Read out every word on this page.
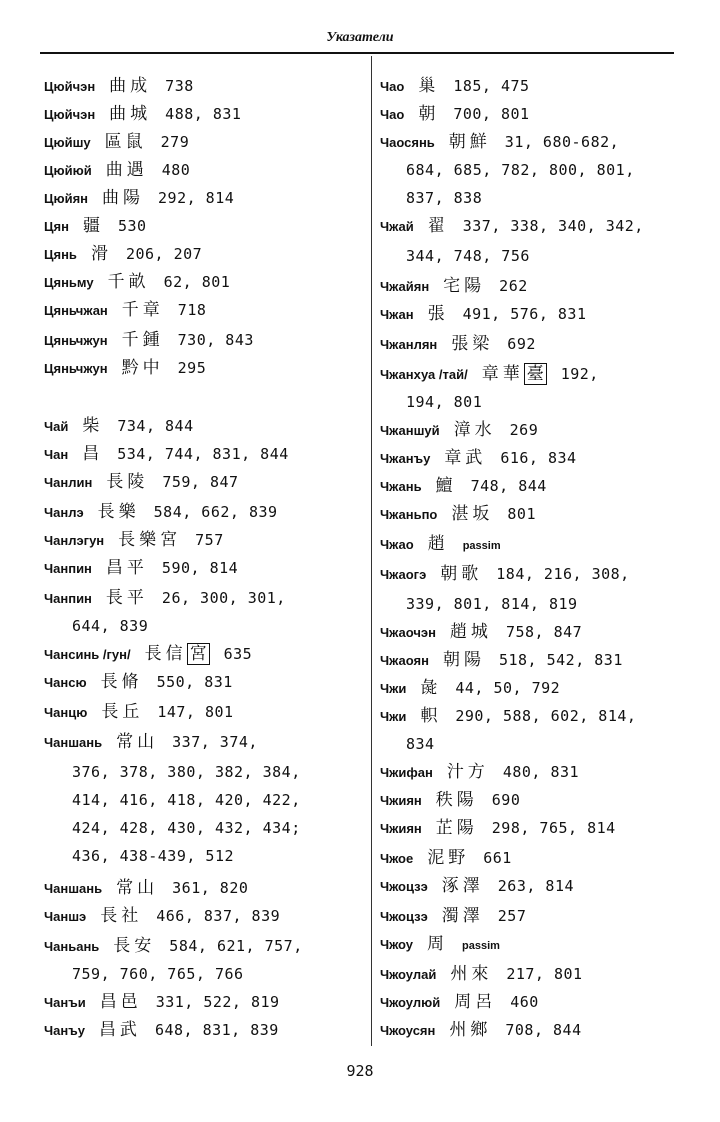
Указатели
Цюйчэн 曲成 738
Цюйчэн 曲城 488, 831
Цюйшу 區鼠 279
Цюйюй 曲遇 480
Цюйян 曲陽 292, 814
Цян 疆 530
Цянь 滑 206, 207
Цяньму 千畝 62, 801
Цяньчжан 千章 718
Цяньчжун 千鍾 730, 843
Цяньчжун 黔中 295
Чай 柴 734, 844
Чан 昌 534, 744, 831, 844
Чанлин 長陵 759, 847
Чанлэ 長樂 584, 662, 839
Чанлэгун 長樂宮 757
Чанпин 昌平 590, 814
Чанпин 長平 26, 300, 301,
644, 839
Чансинь /гун/ 長信 宮 635
Чансю 長脩 550, 831
Чанцю 長丘 147, 801
Чаншань 常山 337, 374,
376, 378, 380, 382, 384,
414, 416, 418, 420, 422,
424, 428, 430, 432, 434;
436, 438-439, 512
Чаншань 常山 361, 820
Чаншэ 長社 466, 837, 839
Чаньань 長安 584, 621, 757,
759, 760, 765, 766
Чанъи 昌邑 331, 522, 819
Чанъу 昌武 648, 831, 839
Чао 巢 185, 475
Чао 朝 700, 801
Чаосянь 朝鮮 31, 680-682,
684, 685, 782, 800, 801,
837, 838
Чжай 翟 337, 338, 340, 342,
344, 748, 756
Чжайян 宅陽 262
Чжан 張 491, 576, 831
Чжанлян 張梁 692
Чжанхуа /тай/ 章華 臺 192,
194, 801
Чжаншуй 漳水 269
Чжанъу 章武 616, 834
Чжань 鱣 748, 844
Чжаньпо 湛坂 801
Чжао 趙 passim
Чжаогэ 朝歌 184, 216, 308,
339, 801, 814, 819
Чжаочэн 趙城 758, 847
Чжаоян 朝陽 518, 542, 831
Чжи 彘 44, 50, 792
Чжи 軹 290, 588, 602, 814,
834
Чжифан 汁方 480, 831
Чжиян 秩陽 690
Чжиян 芷陽 298, 765, 814
Чжое 泥野 661
Чжоцзэ 涿澤 263, 814
Чжоцзэ 濁澤 257
Чжоу 周 passim
Чжоулай 州來 217, 801
Чжоулюй 周呂 460
Чжоусян 州鄉 708, 844
928
